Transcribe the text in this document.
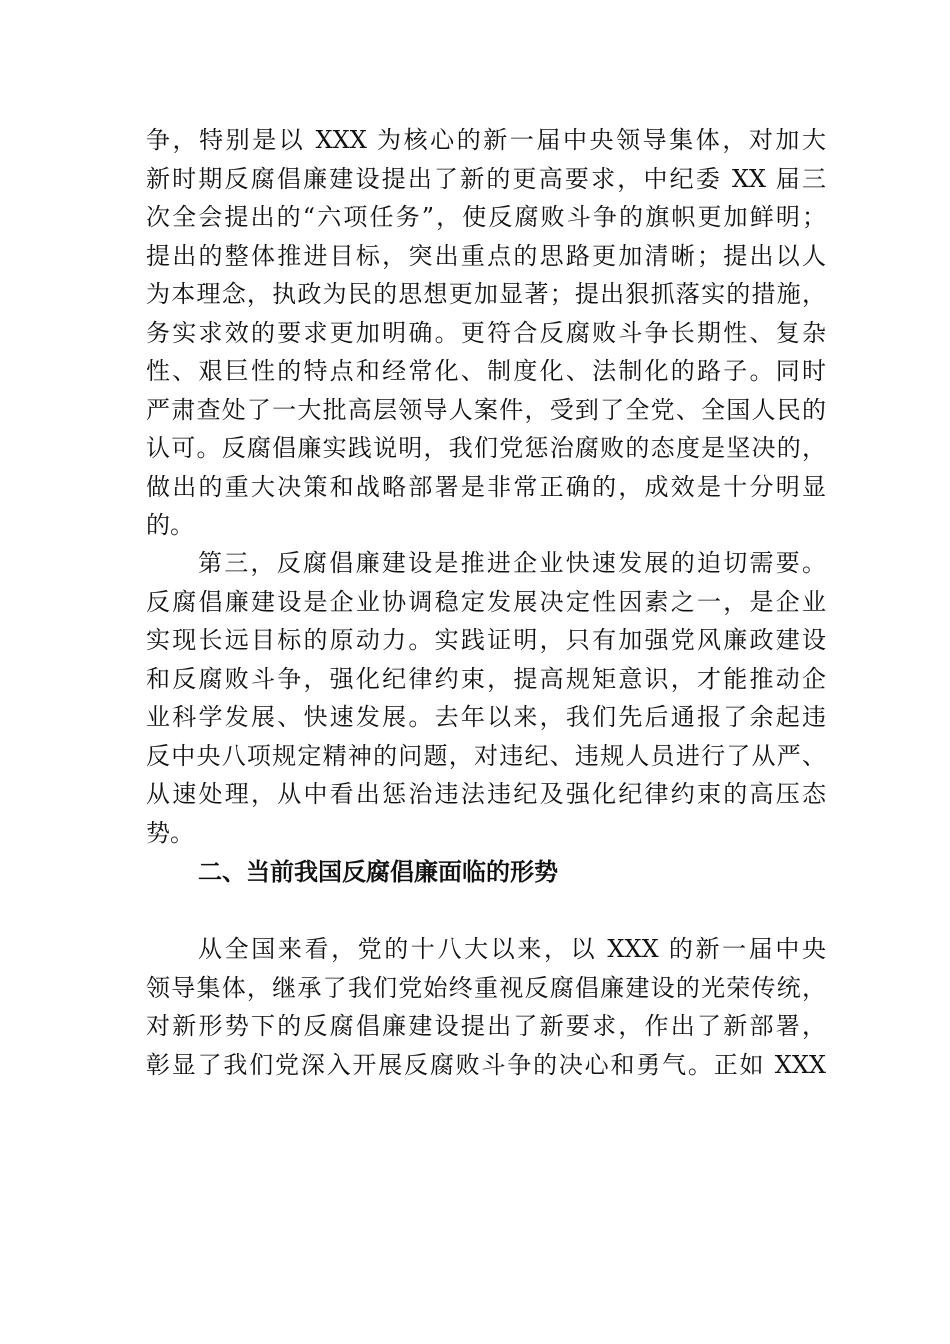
争，特别是以 XXX 为核心的新一届中央领导集体，对加大
新时期反腐倡廉建设提出了新的更高要求，中纪委 XX 届三
次全会提出的“六项任务”，使反腐败斗争的旗帜更加鲜明；
提出的整体推进目标，突出重点的思路更加清晰；提出以人
为本理念，执政为民的思想更加显著；提出狠抓落实的措施，
务实求效的要求更加明确。更符合反腐败斗争长期性、复杂
性、艰巨性的特点和经常化、制度化、法制化的路子。同时
严肃查处了一大批高层领导人案件，受到了全党、全国人民的
认可。反腐倡廉实践说明，我们党惩治腐败的态度是坚决的，
做出的重大决策和战略部署是非常正确的，成效是十分明显
的。
第三，反腐倡廉建设是推进企业快速发展的迫切需要。
反腐倡廉建设是企业协调稳定发展决定性因素之一，是企业
实现长远目标的原动力。实践证明，只有加强党风廉政建设
和反腐败斗争，强化纪律约束，提高规矩意识，才能推动企
业科学发展、快速发展。去年以来，我们先后通报了余起违
反中央八项规定精神的问题，对违纪、违规人员进行了从严、
从速处理，从中看出惩治违法违纪及强化纪律约束的高压态
势。
二、当前我国反腐倡廉面临的形势
从全国来看，党的十八大以来，以 XXX 的新一届中央
领导集体，继承了我们党始终重视反腐倡廉建设的光荣传统，
对新形势下的反腐倡廉建设提出了新要求，作出了新部署，
彰显了我们党深入开展反腐败斗争的决心和勇气。正如 XXX
